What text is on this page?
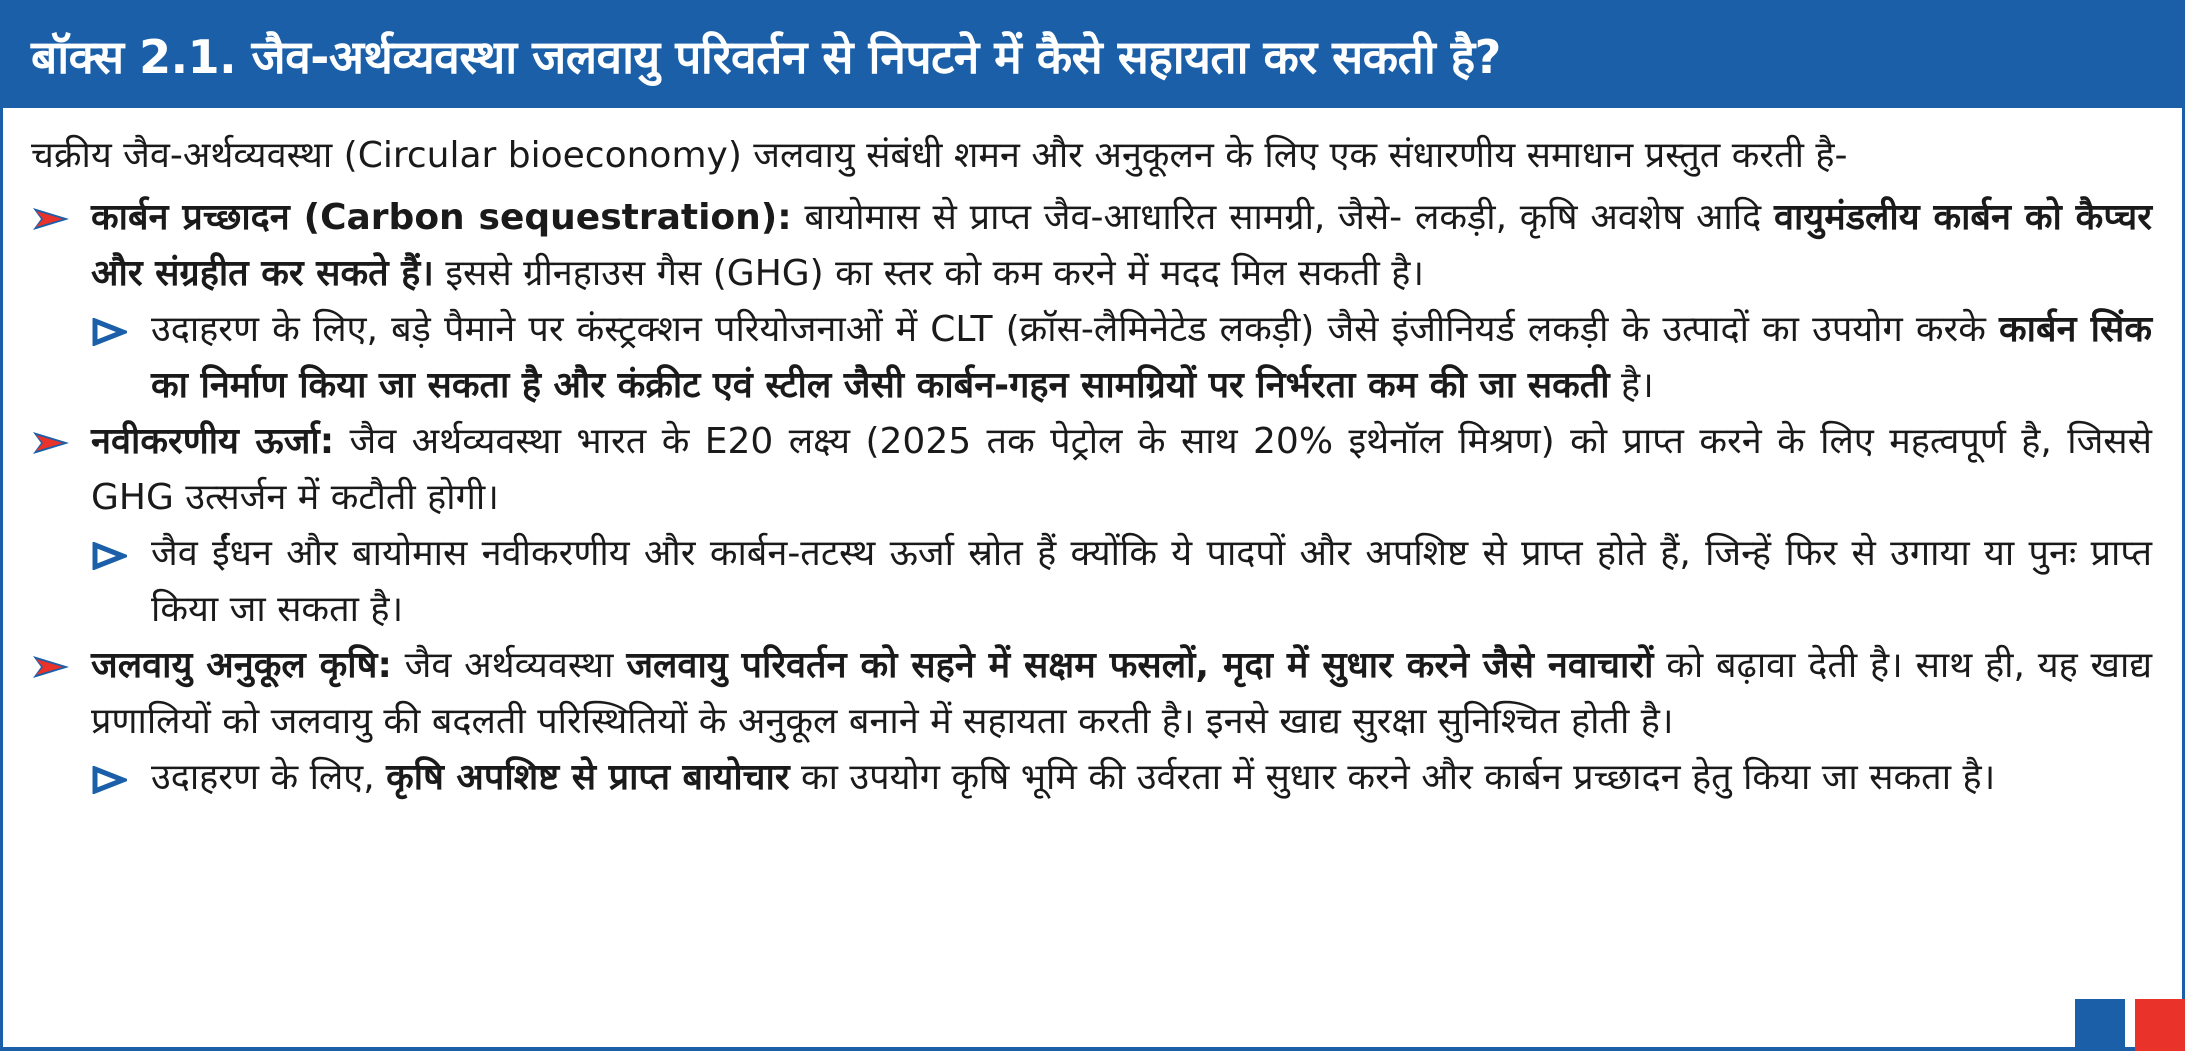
बॉक्स 2.1. जैव-अर्थव्यवस्था जलवायु परिवर्तन से निपटने में कैसे सहायता कर सकती है?

चक्रीय जैव-अर्थव्यवस्था (Circular bioeconomy) जलवायु संबंधी शमन और अनुकूलन के लिए एक संधारणीय समाधान प्रस्तुत करती है-

कार्बन प्रच्छादन (Carbon sequestration): बायोमास से प्राप्त जैव-आधारित सामग्री, जैसे- लकड़ी, कृषि अवशेष आदि वायुमंडलीय कार्बन को कैप्चर और संग्रहीत कर सकते हैं। इससे ग्रीनहाउस गैस (GHG) का स्तर को कम करने में मदद मिल सकती है।

उदाहरण के लिए, बड़े पैमाने पर कंस्ट्रक्शन परियोजनाओं में CLT (क्रॉस-लैमिनेटेड लकड़ी) जैसे इंजीनियर्ड लकड़ी के उत्पादों का उपयोग करके कार्बन सिंक का निर्माण किया जा सकता है और कंक्रीट एवं स्टील जैसी कार्बन-गहन सामग्रियों पर निर्भरता कम की जा सकती है।

नवीकरणीय ऊर्जा: जैव अर्थव्यवस्था भारत के E20 लक्ष्य (2025 तक पेट्रोल के साथ 20% इथेनॉल मिश्रण) को प्राप्त करने के लिए महत्वपूर्ण है, जिससे GHG उत्सर्जन में कटौती होगी।

जैव ईंधन और बायोमास नवीकरणीय और कार्बन-तटस्थ ऊर्जा स्रोत हैं क्योंकि ये पादपों और अपशिष्ट से प्राप्त होते हैं, जिन्हें फिर से उगाया या पुनः प्राप्त किया जा सकता है।

जलवायु अनुकूल कृषि: जैव अर्थव्यवस्था जलवायु परिवर्तन को सहने में सक्षम फसलों, मृदा में सुधार करने जैसे नवाचारों को बढ़ावा देती है। साथ ही, यह खाद्य प्रणालियों को जलवायु की बदलती परिस्थितियों के अनुकूल बनाने में सहायता करती है। इनसे खाद्य सुरक्षा सुनिश्चित होती है।

उदाहरण के लिए, कृषि अपशिष्ट से प्राप्त बायोचार का उपयोग कृषि भूमि की उर्वरता में सुधार करने और कार्बन प्रच्छादन हेतु किया जा सकता है।
